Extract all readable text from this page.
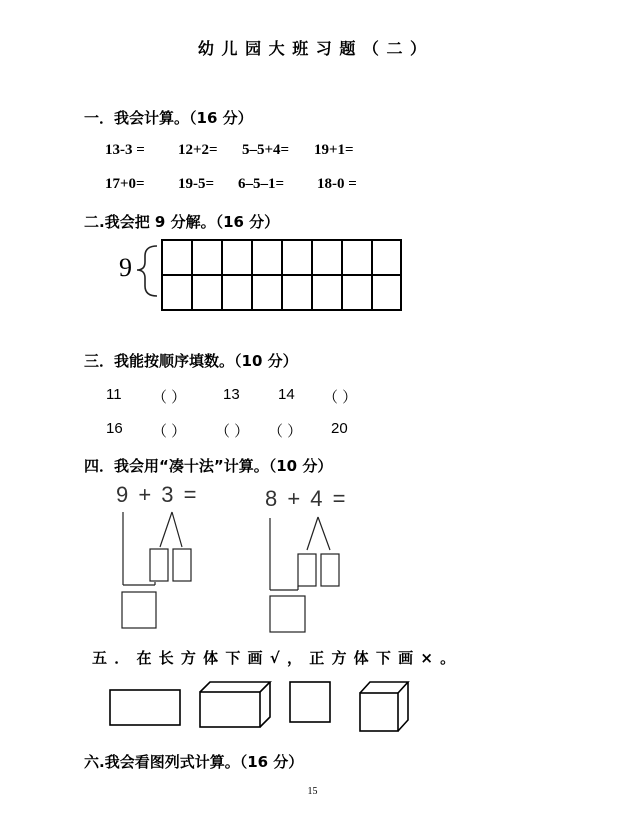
幼 儿 园 大 班 习 题 （ 二 ）
一．我会计算。（16 分）
13-3 = 12+2= 5–5+4= 19+1=
17+0= 19-5= 6–5–1= 18-0 =
二.我会把 9 分解。（16 分）
9
三．我能按顺序填数。（10 分）
11 （ ） 13	14 （ ）
16 （ ） （ ） （ ） 20
四．我会用“凑十法”计算。（10 分）
9 + 3 =	8 + 4 =
五 ． 在 长 方 体 下 画 √ ， 正 方 体 下 画 × 。
六.我会看图列式计算。（16 分）
15
